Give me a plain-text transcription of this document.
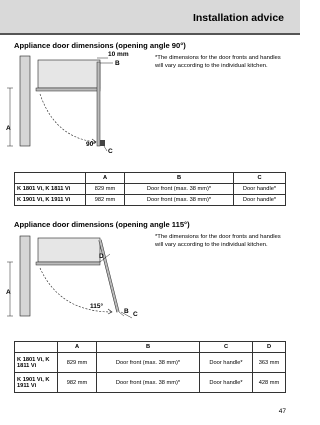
Installation advice
Appliance door dimensions (opening angle 90°)
*The dimensions for the door fronts and handles will vary according to the individual kitchen.
A
10 mm
B
90°
C
	A	B	C
K 1801 Vi, K 1811 Vi	829 mm	Door front (max. 38 mm)*	Door handle*
K 1901 Vi, K 1911 Vi	982 mm	Door front (max. 38 mm)*	Door handle*
Appliance door dimensions (opening angle 115°)
*The dimensions for the door fronts and handles will vary according to the individual kitchen.
A
D
115°
B C
	A	B	C	D
K 1801 Vi, K 1811 Vi	829 mm	Door front (max. 38 mm)*	Door handle*	363 mm
K 1901 Vi, K 1911 Vi	982 mm	Door front (max. 38 mm)*	Door handle*	428 mm
47
